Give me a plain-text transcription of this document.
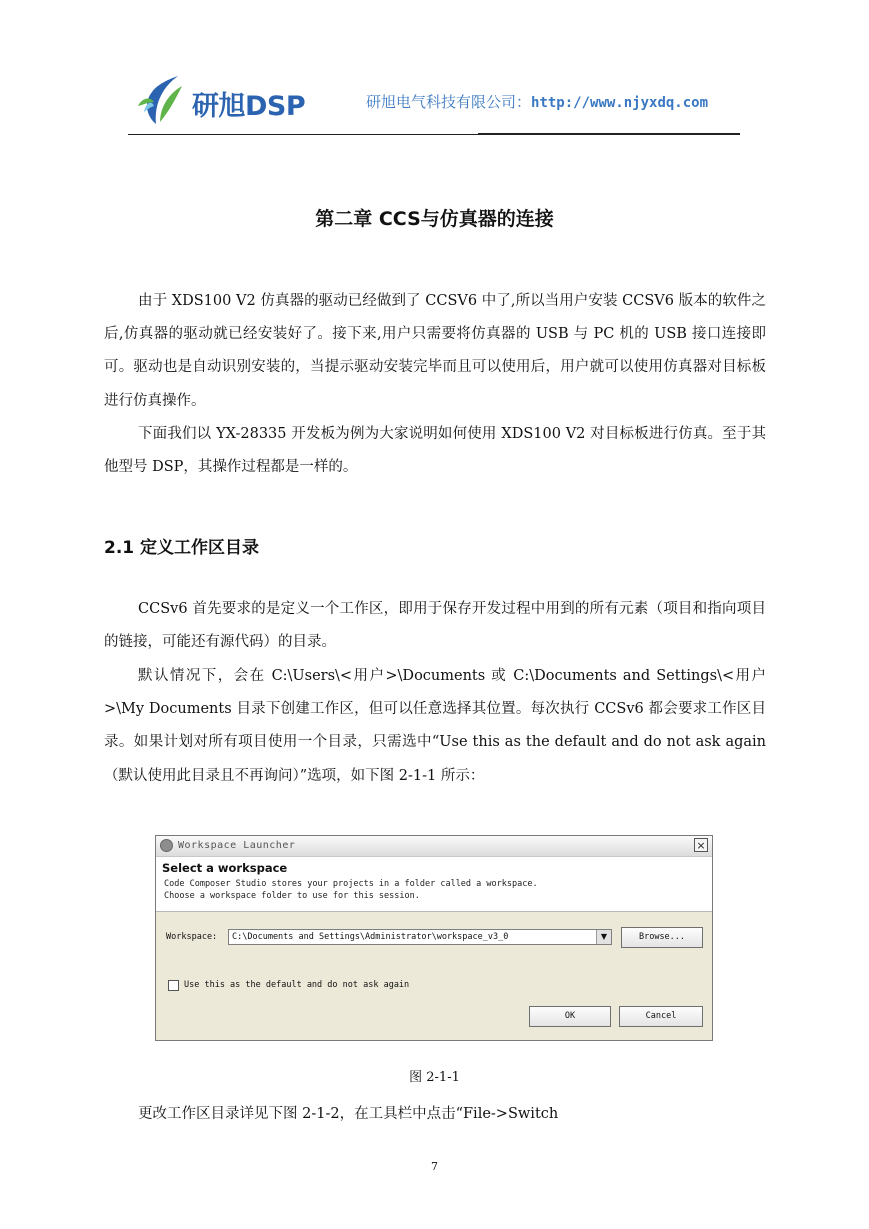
研旭DSP	研旭电气科技有限公司：http://www.njyxdq.com
第二章 CCS与仿真器的连接
由于 XDS100 V2 仿真器的驱动已经做到了 CCSV6 中了,所以当用户安装 CCSV6 版本的软件之后,仿真器的驱动就已经安装好了。接下来,用户只需要将仿真器的 USB 与 PC 机的 USB 接口连接即可。驱动也是自动识别安装的，当提示驱动安装完毕而且可以使用后，用户就可以使用仿真器对目标板进行仿真操作。
下面我们以 YX-28335 开发板为例为大家说明如何使用 XDS100 V2 对目标板进行仿真。至于其他型号 DSP，其操作过程都是一样的。
2.1 定义工作区目录
CCSv6 首先要求的是定义一个工作区，即用于保存开发过程中用到的所有元素（项目和指向项目的链接，可能还有源代码）的目录。
默认情况下，会在 C:\Users\<用户>\Documents 或 C:\Documents and Settings\<用户>\My Documents 目录下创建工作区，但可以任意选择其位置。每次执行 CCSv6 都会要求工作区目录。如果计划对所有项目使用一个目录，只需选中“Use this as the default and do not ask again（默认使用此目录且不再询问）”选项，如下图 2-1-1 所示：
Workspace Launcher	×
Select a workspace
Code Composer Studio stores your projects in a folder called a workspace.
Choose a workspace folder to use for this session.
Workspace: C:\Documents and Settings\Administrator\workspace_v3_0	▼	Browse...
Use this as the default and do not ask again
OK	Cancel
图 2-1-1
更改工作区目录详见下图 2-1-2，在工具栏中点击“File->Switch
7
